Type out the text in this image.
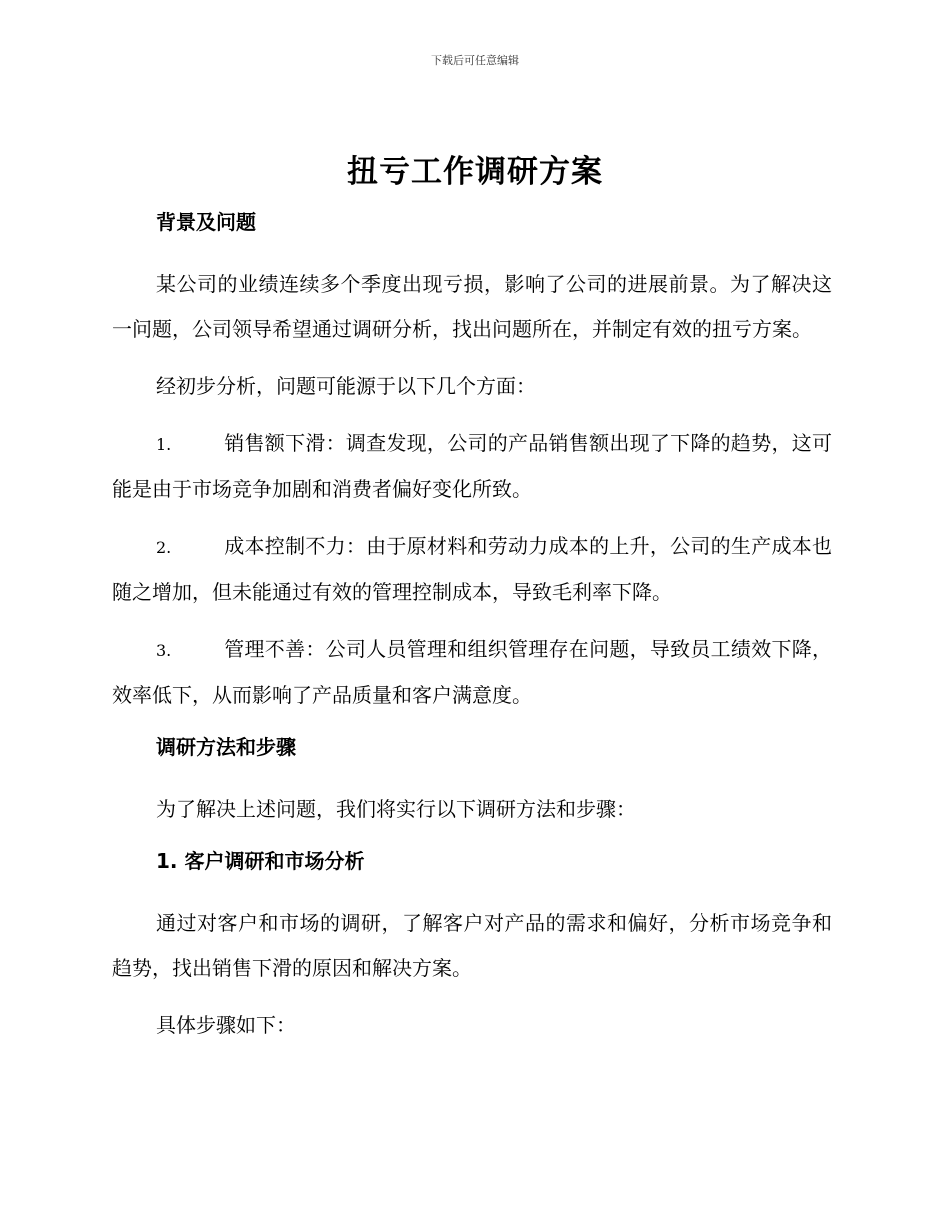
下载后可任意编辑
扭亏工作调研方案
背景及问题

某公司的业绩连续多个季度出现亏损，影响了公司的进展前景。为了解决这一问题，公司领导希望通过调研分析，找出问题所在，并制定有效的扭亏方案。

经初步分析，问题可能源于以下几个方面：

1.	销售额下滑：调查发现，公司的产品销售额出现了下降的趋势，这可能是由于市场竞争加剧和消费者偏好变化所致。

2.	成本控制不力：由于原材料和劳动力成本的上升，公司的生产成本也随之增加，但未能通过有效的管理控制成本，导致毛利率下降。

3.	管理不善：公司人员管理和组织管理存在问题，导致员工绩效下降，效率低下，从而影响了产品质量和客户满意度。

调研方法和步骤

为了解决上述问题，我们将实行以下调研方法和步骤：

1. 客户调研和市场分析

通过对客户和市场的调研，了解客户对产品的需求和偏好，分析市场竞争和趋势，找出销售下滑的原因和解决方案。

具体步骤如下：
